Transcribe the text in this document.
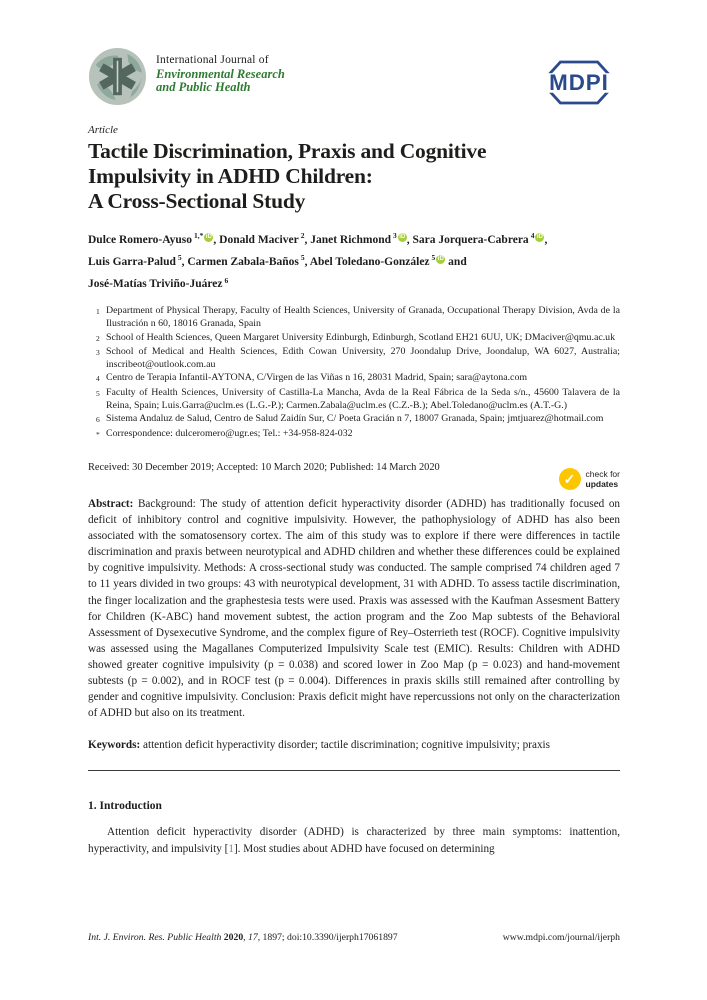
International Journal of
Environmental Research
and Public Health	MDPI
Article
Tactile Discrimination, Praxis and Cognitive
Impulsivity in ADHD Children:
A Cross-Sectional Study
Dulce Romero-Ayuso $^{1,*}$ iD , Donald Maciver $^2$, Janet Richmond $^3$ iD , Sara Jorquera-Cabrera $^4$ iD ,
Luis Garra-Palud $^5$, Carmen Zabala-Baños $^5$, Abel Toledano-González $^5$ iD and
José-Matías Triviño-Juárez $^6$
1 Department of Physical Therapy, Faculty of Health Sciences, University of Granada, Occupational Therapy Division, Avda de la Ilustración n 60, 18016 Granada, Spain
2 School of Health Sciences, Queen Margaret University Edinburgh, Edinburgh, Scotland EH21 6UU, UK; DMaciver@qmu.ac.uk
3 School of Medical and Health Sciences, Edith Cowan University, 270 Joondalup Drive, Joondalup, WA 6027, Australia; inscribeot@outlook.com.au
4 Centro de Terapia Infantil-AYTONA, C/Virgen de las Viñas n 16, 28031 Madrid, Spain; sara@aytona.com
5 Faculty of Health Sciences, University of Castilla-La Mancha, Avda de la Real Fábrica de la Seda s/n., 45600 Talavera de la Reina, Spain; Luis.Garra@uclm.es (L.G.-P.); Carmen.Zabala@uclm.es (C.Z.-B.); Abel.Toledano@uclm.es (A.T.-G.)
6 Sistema Andaluz de Salud, Centro de Salud Zaidín Sur, C/ Poeta Gracián n 7, 18007 Granada, Spain; jmtjuarez@hotmail.com
* Correspondence: dulceromero@ugr.es; Tel.: +34-958-824-032
Received: 30 December 2019; Accepted: 10 March 2020; Published: 14 March 2020
Abstract: Background: The study of attention deficit hyperactivity disorder (ADHD) has traditionally focused on deficit of inhibitory control and cognitive impulsivity. However, the pathophysiology of ADHD has also been associated with the somatosensory cortex. The aim of this study was to explore if there were differences in tactile discrimination and praxis between neurotypical and ADHD children and whether these differences could be explained by cognitive impulsivity. Methods: A cross-sectional study was conducted. The sample comprised 74 children aged 7 to 11 years divided in two groups: 43 with neurotypical development, 31 with ADHD. To assess tactile discrimination, the finger localization and the graphestesia tests were used. Praxis was assessed with the Kaufman Assesment Battery for Children (K-ABC) hand movement subtest, the action program and the Zoo Map subtests of the Behavioral Assessment of Dysexecutive Syndrome, and the complex figure of Rey–Osterrieth test (ROCF). Cognitive impulsivity was assessed using the Magallanes Computerized Impulsivity Scale test (EMIC). Results: Children with ADHD showed greater cognitive impulsivity (p = 0.038) and scored lower in Zoo Map (p = 0.023) and hand-movement subtests (p = 0.002), and in ROCF test (p = 0.004). Differences in praxis skills still remained after controlling by gender and cognitive impulsivity. Conclusion: Praxis deficit might have repercussions not only on the characterization of ADHD but also on its treatment.
Keywords: attention deficit hyperactivity disorder; tactile discrimination; cognitive impulsivity; praxis
1. Introduction
Attention deficit hyperactivity disorder (ADHD) is characterized by three main symptoms: inattention, hyperactivity, and impulsivity [1]. Most studies about ADHD have focused on determining
✓	check for
updates
Int. J. Environ. Res. Public Health 2020, 17, 1897; doi:10.3390/ijerph17061897	www.mdpi.com/journal/ijerph
